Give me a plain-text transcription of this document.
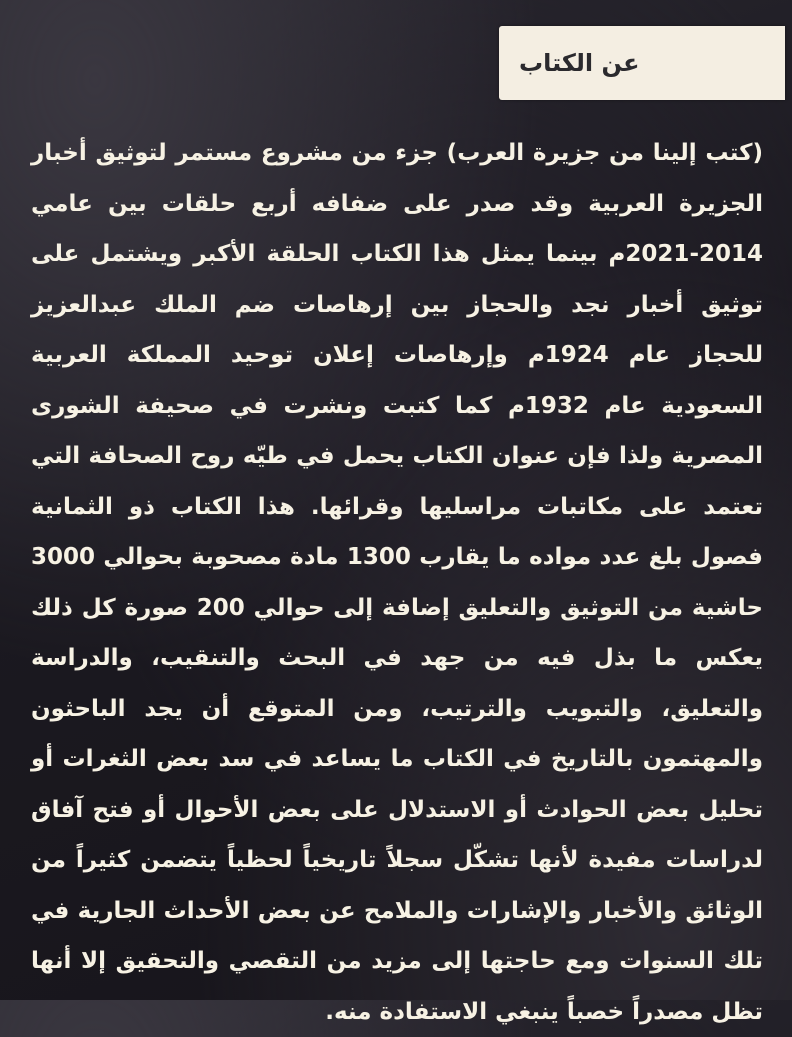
عن الكتاب

(كتب إلينا من جزيرة العرب) جزء من مشروع مستمر لتوثيق أخبار الجزيرة العربية وقد صدر على ضفافه أربع حلقات بين عامي 2014-2021م بينما يمثل هذا الكتاب الحلقة الأكبر ويشتمل على توثيق أخبار نجد والحجاز بين إرهاصات ضم الملك عبدالعزيز للحجاز عام 1924م وإرهاصات إعلان توحيد المملكة العربية السعودية عام 1932م كما كتبت ونشرت في صحيفة الشورى المصرية ولذا فإن عنوان الكتاب يحمل في طيّه روح الصحافة التي تعتمد على مكاتبات مراسليها وقرائها. هذا الكتاب ذو الثمانية فصول بلغ عدد مواده ما يقارب 1300 مادة مصحوبة بحوالي 3000 حاشية من التوثيق والتعليق إضافة إلى حوالي 200 صورة كل ذلك يعكس ما بذل فيه من جهد في البحث والتنقيب، والدراسة والتعليق، والتبويب والترتيب، ومن المتوقع أن يجد الباحثون والمهتمون بالتاريخ في الكتاب ما يساعد في سد بعض الثغرات أو تحليل بعض الحوادث أو الاستدلال على بعض الأحوال أو فتح آفاق لدراسات مفيدة لأنها تشكّل سجلاً تاريخياً لحظياً يتضمن كثيراً من الوثائق والأخبار والإشارات والملامح عن بعض الأحداث الجارية في تلك السنوات ومع حاجتها إلى مزيد من التقصي والتحقيق إلا أنها تظل مصدراً خصباً ينبغي الاستفادة منه.
